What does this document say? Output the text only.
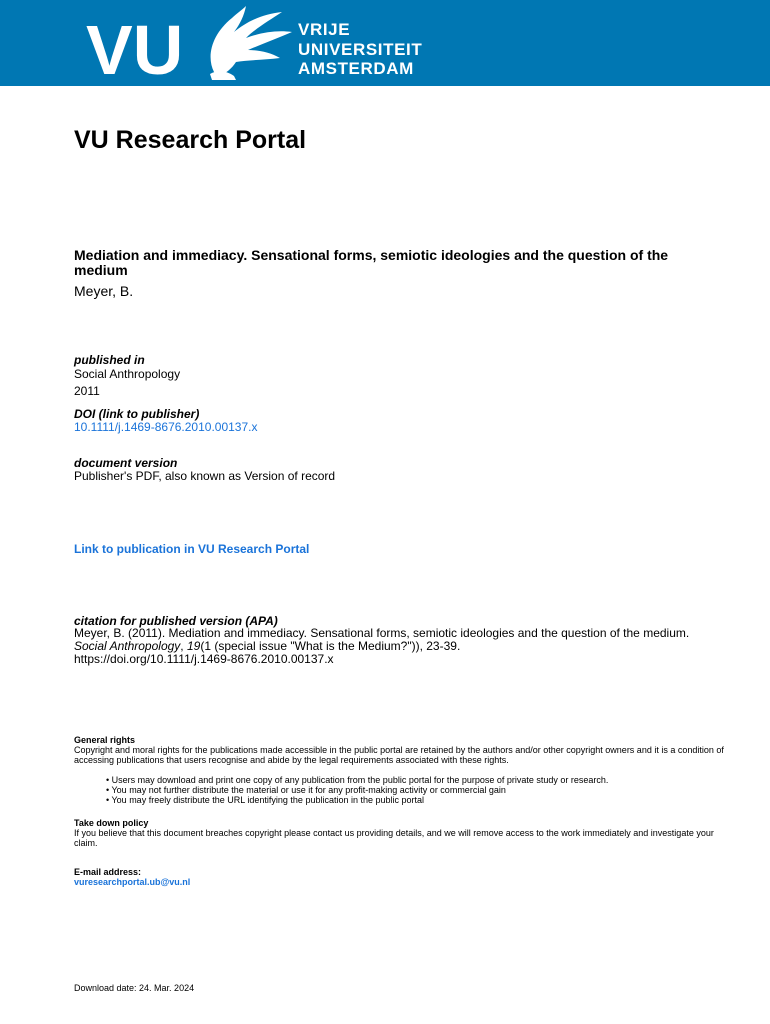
VU	VRIJE
UNIVERSITEIT
AMSTERDAM
VU Research Portal
Mediation and immediacy. Sensational forms, semiotic ideologies and the question of the medium
Meyer, B.
published in
Social Anthropology
2011
DOI (link to publisher)
10.1111/j.1469-8676.2010.00137.x
document version
Publisher's PDF, also known as Version of record
Link to publication in VU Research Portal
citation for published version (APA)
Meyer, B. (2011). Mediation and immediacy. Sensational forms, semiotic ideologies and the question of the medium. Social Anthropology, 19(1 (special issue "What is the Medium?")), 23-39.
https://doi.org/10.1111/j.1469-8676.2010.00137.x
General rights
Copyright and moral rights for the publications made accessible in the public portal are retained by the authors and/or other copyright owners and it is a condition of accessing publications that users recognise and abide by the legal requirements associated with these rights.
• Users may download and print one copy of any publication from the public portal for the purpose of private study or research.
• You may not further distribute the material or use it for any profit-making activity or commercial gain
• You may freely distribute the URL identifying the publication in the public portal
Take down policy
If you believe that this document breaches copyright please contact us providing details, and we will remove access to the work immediately and investigate your claim.
E-mail address:
vuresearchportal.ub@vu.nl
Download date: 24. Mar. 2024
